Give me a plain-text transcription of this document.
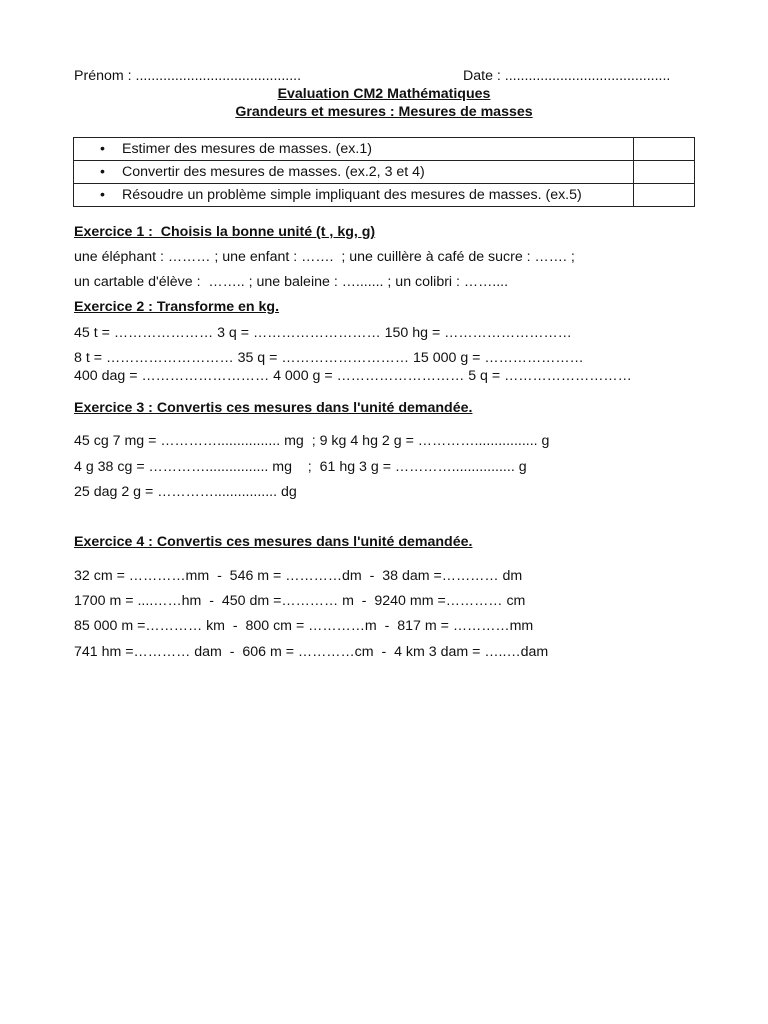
Prénom : ..........................................	Date : ..........................................
Evaluation CM2 Mathématiques
Grandeurs et mesures : Mesures de masses
• Estimer des mesures de masses. (ex.1)	
• Convertir des mesures de masses. (ex.2, 3 et 4)	
• Résoudre un problème simple impliquant des mesures de masses. (ex.5)	
Exercice 1 :  Choisis la bonne unité (t , kg, g)
une éléphant : ……… ; une enfant : …….  ; une cuillère à café de sucre : ……. ;
un cartable d'élève :  …….. ; une baleine : …....... ; un colibri : ……....
Exercice 2 : Transforme en kg.
45 t = ………………… 3 q = ……………………… 150 hg = ………………………
8 t = ……………………… 35 q = ……………………… 15 000 g = …………………
400 dag = ……………………… 4 000 g = ……………………… 5 q = ………………………
Exercice 3 : Convertis ces mesures dans l'unité demandée.
45 cg 7 mg = …………................ mg  ; 9 kg 4 hg 2 g = …………................ g
4 g 38 cg = …………................ mg    ;  61 hg 3 g = …………................ g
25 dag 2 g = …………................ dg
Exercice 4 : Convertis ces mesures dans l'unité demandée.
32 cm = …………mm  -  546 m = …………dm  -  38 dam =………… dm
1700 m = ....……hm  -  450 dm =………… m  -  9240 mm =………… cm
85 000 m =………… km  -  800 cm = …………m  -  817 m = …………mm
741 hm =………… dam  -  606 m = …………cm  -  4 km 3 dam = …..…dam
